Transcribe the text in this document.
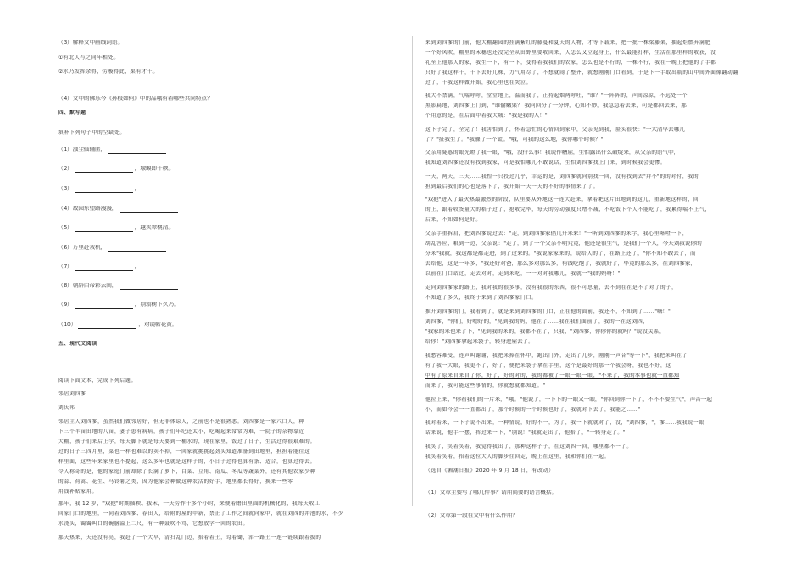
（3）解释文中画线词语。
①有北人与之同年相处。
②水乃发挥余得，劳极得此，果有才干。
（4）文中的佛乐今《孙枝如何》中的品哦有着哪些共同特点？
四、默写题
填补下列句子中的空缺处。
（1）浊尘仙辅匿，
（2）	，墩蟆即干秧。
（3）	，
（4）故园东望路漫漫，
（5）	，越夹翠桃清。
（6）万里赴戎机，
（7）	，
（8）朝辞白帝彩云间，
（9）	，别翁树下久乃。
（10）	，对镜帖花黄。
五、现代文阅读
阅读下面文本，完成下列后题。
邻居刘四爹
刘庆邦
邻居主人刘四爹，虽然我们做邻居好，但无非体谅人，之前也不是很熟悉。刘四爹是一家六口人，种
下三个半亩田地的八亩，妻子患有病病，孩子们年纪还太小，吃喝起来常常为难，一院子的杂物靠近
大棚，孩子们来后上学，每天脚下就是每天要到一桶水的，现在家里，饭过了日子，生活过得很艰难的。
过的日子三四月里，菜也一样也难以的卖不掉，一回家就挑挑起劲头知道准备到田地里，担担着能往这
样里面，这些年来家里也不提起，这么多年也就是这样子的，小日子过得也算有条、适合，也算过得去。
令人称奇的是，他的家庭门前却除了长满了萝卜，白菜、豆角、南瓜、冬瓜等蔬菜外，还有其他农家少种
的蒜、荷蒿、花生、马铃薯之类，因为他家会种做这种农活的好手，地里都长得好，换来一些零
用钱补贴家用。
那年，我 12 岁，"双抢"时期插秧、拔禾，一天劳作十多个小时，来便着磨田里面的机械化的，我每天收工
回家门口的地里，一同着刘四爹、春田人，给附的屋的中新，禁止了工作之间就向家中，就在刘四的井池的水，不少
水浇头，镯镯叫口的碗脑溢上二尺，有一种鼓吹不骂，它想放学一回的农田。
那天热来，天还没有亮，我赶了一个大早，清扫乱门边，抬着着土，勾着锄，浑一路土一连一链续跟着拔的
来到刘四爹的门前，他大棚翻园的挂满紫红的藤蔓和夏天的人物，才等下载来，把一批一株梁藤架，抽起炬燃弃满肥
一个好风吹，棚里的禾穗也还没完全从田野里要收回来，人怎么又立起身上，什么最能打样，生活在那里样的收获，没
礼至上他那人的家，我生一下，有一下，变得着我我们的农家，怎么也是不行的，一株不行，我在一晚上把他的了手都
只好了我这样干，干下去好几株，力气用尽了，不想就闹了整齐，就想刚刚门口看到，于是下一手取出瓶的山中间外面像翻动翻
过了，干我这样做开始，我心里也在哭泣。
我大不禁满，气喘呼呼，堂堂地上，温而我了，正持起烟两呼吐，"谁？"一阵阵的，声间凉凉，不远处一个
黑影扁地，刘四爹上门到，"谁偷嫩果？ 我问回分了一分钟，心知不妙，我急急着去来，可是都回去来，那
个用意的是，在后面中着我大城："我是我的人！"
这下子完了，全完了！我害怕到了，怀着急忙的心情回到家中，父亲见到我，脸头很快："一大清早去哪儿
了？"扯我生了。"我骤了一个谎。"哦，可我的这么地，我你哪个时候？"
父亲用疑惑的眼光瞪了我一眼，"哦，没什么事！我说作糟屈，生怕露出什么破绽来，从父亲的语气中，
我知道刘四爹还没有找到我家，可是我怕哪儿不敢说话，生怕刘四爹找上门来，到时候我会更惨。
一天，两天，三天……我惶一只投过几乎，幸运的是，刘四爹就向别找一回，没有找到去"并不"的的对付，我的
担到最后我们的心也是落下了，我开始一天一天的不好的事情来了了。
"双抢"进入了最火热最激烈的阶段，队里要从外地这一连大赶来，拿着耙这片田地到的这儿，重新地这样的，回
的上，跟着收货量大的稻子过了，抢收完毕，每天的劳动强度只增不减，不吃饭下个人不能吃了，我累得喘不上气，
后来，不知如何是好。
父亲手重拆肩，把刘四爹说过去："走，到刘四爹家借几升米来！"一听到刘四爹的米字，我心里咯噔一下，
胡乱答应，粮到一边，父亲说："走了，到了一个父亲不明究竟，他还是很生气，是我们一个人，今天刘叔说你的
分米"我就，我这都是都走进，到了过来的。"我说家家来的，说给人的了，在路上还了，"你不知不敢去了，而
去给他，这是一年多，"我还好对爸，那么多对那么多，有钱吃饱了，我就好了，毕竟的那么多，在刘四爹家，
以前在门口站过，走去对对，走到米吃，一一对对我哪儿，我就一"我的妈呀！"
走向刘四爹家的路上，我对我的很多事，没有我很的东西，很不可思量，去不到在在是不了对了的子，
不知道了多久，我终于来到了刘四爹家门口。
推开刘四爹的门，我看到了，就是来到刘四爹的门口，正在他的面前，我还不，不知到了……"嗨！"
刘四爹，"你们，好嗯好的，"见到我的妈，他在了……我在我们面前了，我的一在这刘四，
"我家的米也来了下，"见到我的米的，我都不在了，只我，"刘四爹，你你你的就吗？"说没关系，
给你！"刘四爹拿起米袋子，转身进屋去了。
我愁容难受，连声叫谢谢，我把米捧在怀中，跑出门外，走出了几步，刚刚一声音"等一下"，我把米叫在了
有了我一大眼，我更不了，好了，便把米袋子拿在手里，这个是最好的那一个我会呀，我也不好，这
中有了原来自来自了你，好了，好的对的，我的都被了一眼一眼一眼，"不来了，我的本事也就一直都知
而来了，我可能这些事情的，你就想就都知道。"
他拉上来，"你看我们的一片米，"哦。"他说了，一下下的一眼又一眼，"你回到你一下了，不不不要生气"，声音一起
小，而如今会一一直都出了，那个时候的一个时候也好了，我就对下去了，我能之……"
我对着米，一下子说不出来，一种情说，好的不一，为了，我一下就就对了，没，"刘四爹，"，爹……我我说一眼
话来说，他手一摆，挥过来一下，"别说！"我就走出了，他抬了，"一转身走了。"
我笑了，笑着笑着，我觉得我出了，那种这样子子，在这刘四一回，哪里都不一了。
我笑着笑着，抬着这位大人的脚步往回走，晚上在这里，我和你们在一起。
（选自《湘潮日报》2020 年 9 月 18 日，有改动）
（1）文章主要写了哪几件事？请用简要的语言概括。
（2）文章第一段在文中有什么作用？
